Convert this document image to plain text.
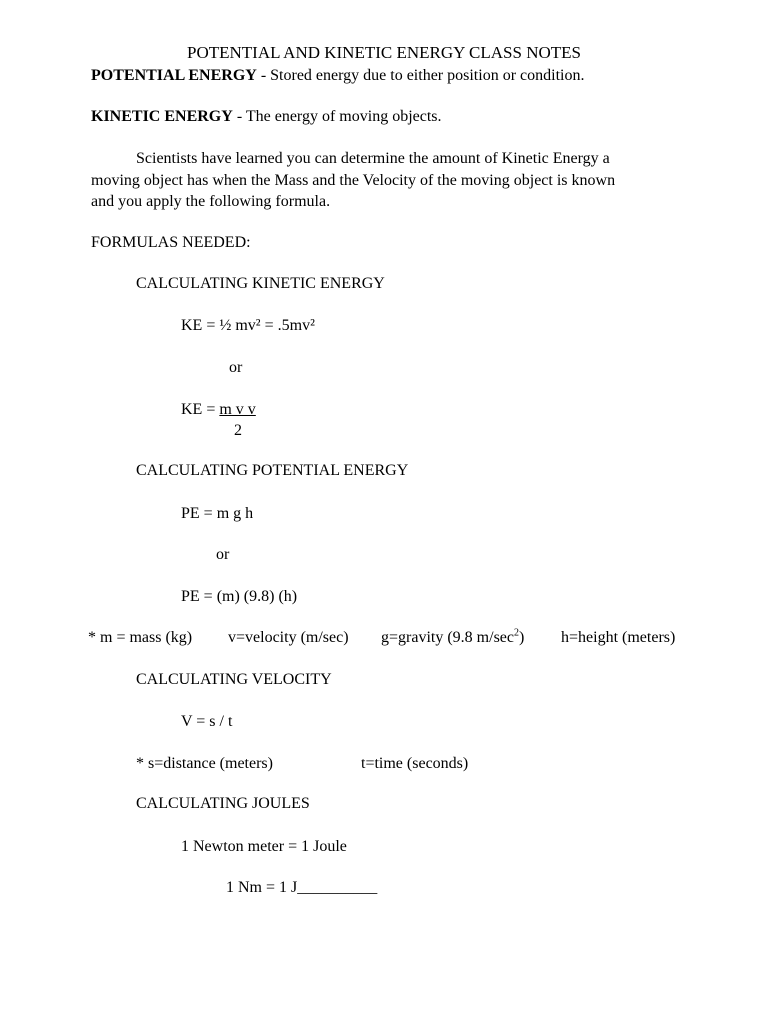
POTENTIAL AND KINETIC ENERGY CLASS NOTES
POTENTIAL ENERGY - Stored energy due to either position or condition.
KINETIC ENERGY - The energy of moving objects.
Scientists have learned you can determine the amount of Kinetic Energy a
moving object has when the Mass and the Velocity of the moving object is known
and you apply the following formula.
FORMULAS NEEDED:
CALCULATING KINETIC ENERGY
KE = ½ mv² = .5mv²
or
KE = m v v
2
CALCULATING POTENTIAL ENERGY
PE = m g h
or
PE = (m) (9.8) (h)
* m = mass (kg) v=velocity (m/sec) g=gravity (9.8 $m/\sec^2$) h=height (meters)
CALCULATING VELOCITY
V = s / t
* s=distance (meters)	t=time (seconds)
CALCULATING JOULES
1 Newton meter = 1 Joule
1 Nm = 1 J__________
